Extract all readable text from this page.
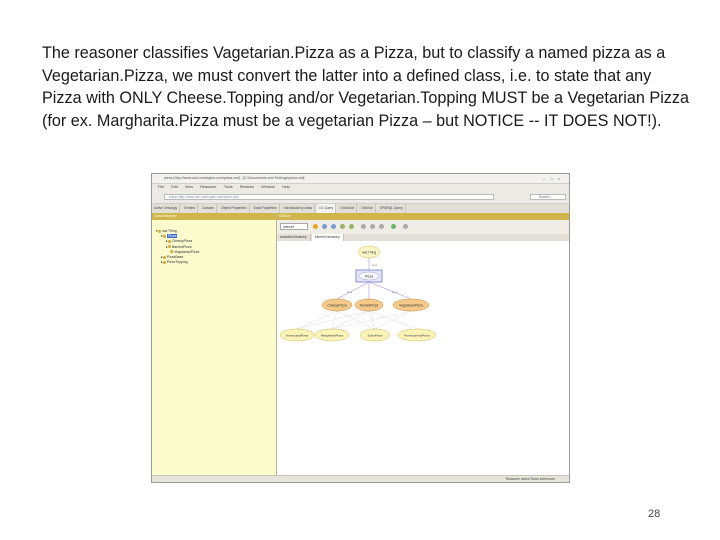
The reasoner classifies Vagetarian.Pizza as a Pizza, but to classify a named pizza as a Vegetarian.Pizza, we must convert the latter into a defined class, i.e. to state that any Pizza with ONLY Cheese.Topping and/or Vegetarian.Topping MUST be a Vegetarian Pizza (for ex. Margharita.Pizza must be a vegetarian Pizza – but NOTICE -- IT DOES NOT!).

pizza (http://www.owl-ontologies.com/pizza.owl) : [C:\Documents and Settings\pizza.owl]	–□×
File Edit View Reasoner Tools Refactor Window Help
pizza (http://www.owl-ontologies.com/pizza.owl)	Search...
Active Ontology Entities Classes Object Properties Data Properties Individuals by class DL Query OntoGraf OWLViz SPARQL Query
Class hierarchy
▾ owl:Thing
▾ Pizza
▸ CheesyPizza
▸ NamedPizza
VegetarianPizza
▸ PizzaBase
▸ PizzaTopping
OWLViz
Inferred
Asserted hierarchy	Inferred hierarchy
is-a
is-a	is-a
owl:Thing
Pizza
CheesyPizza	NamedPizza	VegetarianPizza
AmericanaPizza	MargheritaPizza	SohoPizza	AmericanHotPizza
Reasoner active Show Inferences
28
